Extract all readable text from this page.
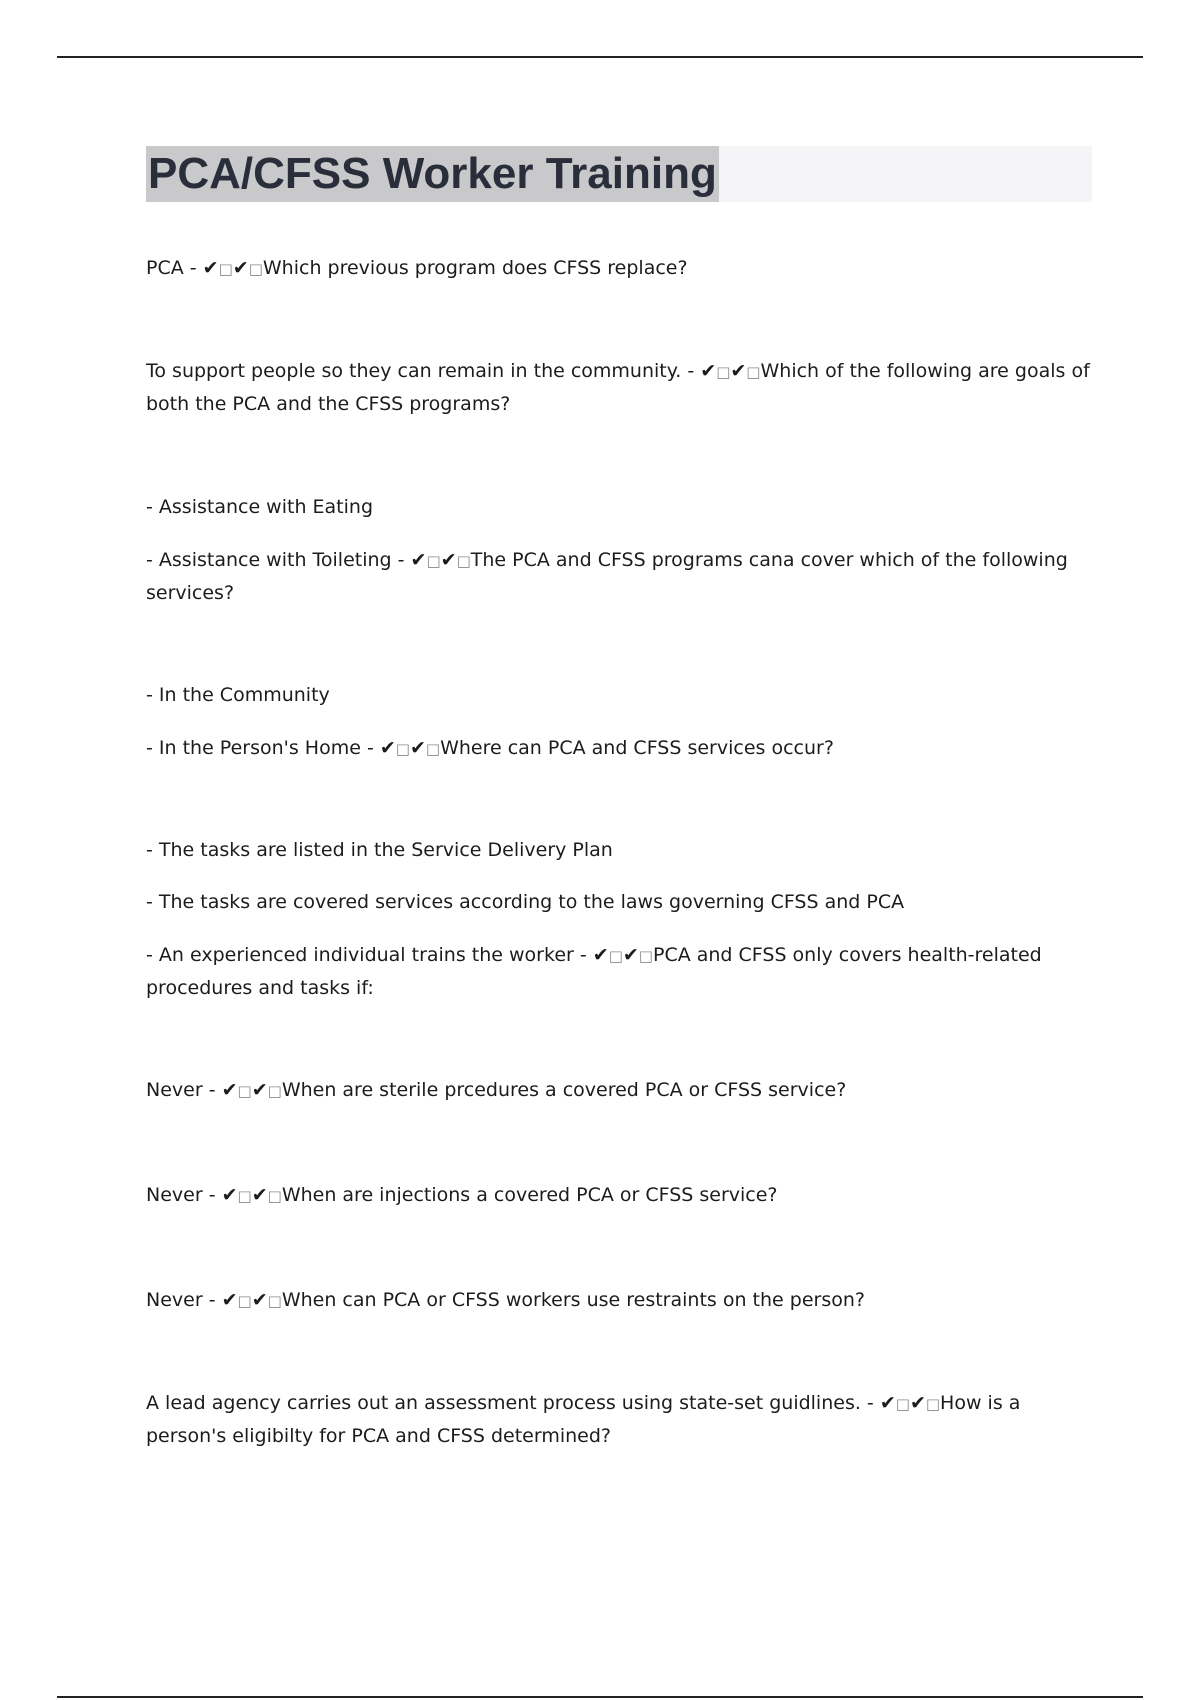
PCA/CFSS Worker Training

PCA - ✔□✔□Which previous program does CFSS replace?

To support people so they can remain in the community. - ✔□✔□Which of the following are goals of both the PCA and the CFSS programs?

- Assistance with Eating

- Assistance with Toileting - ✔□✔□The PCA and CFSS programs cana cover which of the following services?

- In the Community

- In the Person's Home - ✔□✔□Where can PCA and CFSS services occur?

- The tasks are listed in the Service Delivery Plan

- The tasks are covered services according to the laws governing CFSS and PCA

- An experienced individual trains the worker - ✔□✔□PCA and CFSS only covers health-related procedures and tasks if:

Never - ✔□✔□When are sterile prcedures a covered PCA or CFSS service?

Never - ✔□✔□When are injections a covered PCA or CFSS service?

Never - ✔□✔□When can PCA or CFSS workers use restraints on the person?

A lead agency carries out an assessment process using state-set guidlines. - ✔□✔□How is a person's eligibilty for PCA and CFSS determined?
